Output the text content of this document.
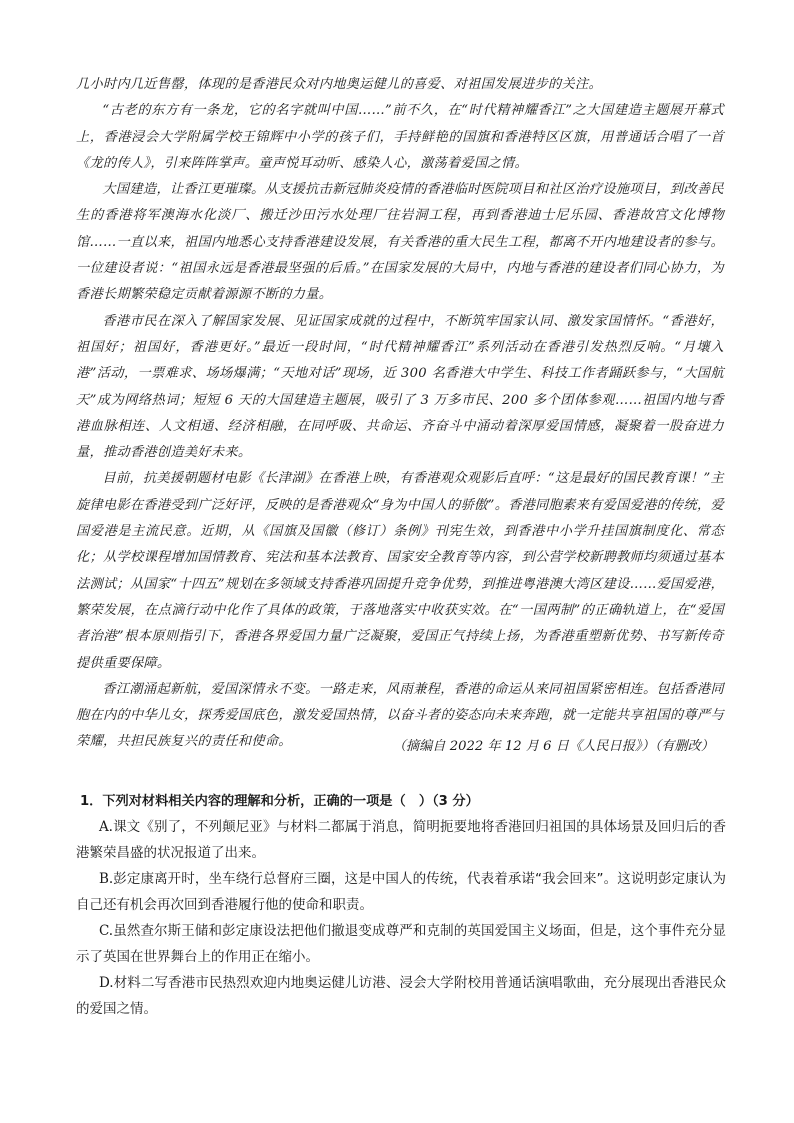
几小时内几近售罄，体现的是香港民众对内地奥运健儿的喜爱、对祖国发展进步的关注。

“古老的东方有一条龙，它的名字就叫中国……”前不久，在“时代精神耀香江”之大国建造主题展开幕式上，香港浸会大学附属学校王锦辉中小学的孩子们，手持鲜艳的国旗和香港特区区旗，用普通话合唱了一首《龙的传人》，引来阵阵掌声。童声悦耳动听、感染人心，激荡着爱国之情。

大国建造，让香江更璀璨。从支援抗击新冠肺炎疫情的香港临时医院项目和社区治疗设施项目，到改善民生的香港将军澳海水化淡厂、搬迁沙田污水处理厂往岩洞工程，再到香港迪士尼乐园、香港故宫文化博物馆……一直以来，祖国内地悉心支持香港建设发展，有关香港的重大民生工程，都离不开内地建设者的参与。一位建设者说：“祖国永远是香港最坚强的后盾。”在国家发展的大局中，内地与香港的建设者们同心协力，为香港长期繁荣稳定贡献着源源不断的力量。

香港市民在深入了解国家发展、见证国家成就的过程中，不断筑牢国家认同、激发家国情怀。“香港好，祖国好；祖国好，香港更好。”最近一段时间，“时代精神耀香江”系列活动在香港引发热烈反响。“月壤入港”活动，一票难求、场场爆满；“天地对话”现场，近 300 名香港大中学生、科技工作者踊跃参与，“大国航天”成为网络热词；短短 6 天的大国建造主题展，吸引了 3 万多市民、200 多个团体参观……祖国内地与香港血脉相连、人文相通、经济相融，在同呼吸、共命运、齐奋斗中涌动着深厚爱国情感，凝聚着一股奋进力量，推动香港创造美好未来。

目前，抗美援朝题材电影《长津湖》在香港上映，有香港观众观影后直呼：“这是最好的国民教育课！”主旋律电影在香港受到广泛好评，反映的是香港观众“身为中国人的骄傲”。香港同胞素来有爱国爱港的传统，爱国爱港是主流民意。近期，从《国旗及国徽（修订）条例》刊宪生效，到香港中小学升挂国旗制度化、常态化；从学校课程增加国情教育、宪法和基本法教育、国家安全教育等内容，到公营学校新聘教师均须通过基本法测试；从国家“十四五”规划在多领域支持香港巩固提升竞争优势，到推进粤港澳大湾区建设……爱国爱港，繁荣发展，在点滴行动中化作了具体的政策，于落地落实中收获实效。在“一国两制”的正确轨道上，在“爱国者治港”根本原则指引下，香港各界爱国力量广泛凝聚，爱国正气持续上扬，为香港重塑新优势、书写新传奇提供重要保障。

香江潮涌起新航，爱国深情永不变。一路走来，风雨兼程，香港的命运从来同祖国紧密相连。包括香港同胞在内的中华儿女，探秀爱国底色，激发爱国热情，以奋斗者的姿态向未来奔跑，就一定能共享祖国的尊严与荣耀，共担民族复兴的责任和使命。	（摘编自 2022 年 12 月 6 日《人民日报》）（有删改）

1．下列对材料相关内容的理解和分析，正确的一项是（　）（3 分）

A.课文《别了，不列颠尼亚》与材料二都属于消息，简明扼要地将香港回归祖国的具体场景及回归后的香港繁荣昌盛的状况报道了出来。

B.彭定康离开时，坐车绕行总督府三圈，这是中国人的传统，代表着承诺“我会回来”。这说明彭定康认为自己还有机会再次回到香港履行他的使命和职责。

C.虽然查尔斯王储和彭定康设法把他们撤退变成尊严和克制的英国爱国主义场面，但是，这个事件充分显示了英国在世界舞台上的作用正在缩小。

D.材料二写香港市民热烈欢迎内地奥运健儿访港、浸会大学附校用普通话演唱歌曲，充分展现出香港民众的爱国之情。
